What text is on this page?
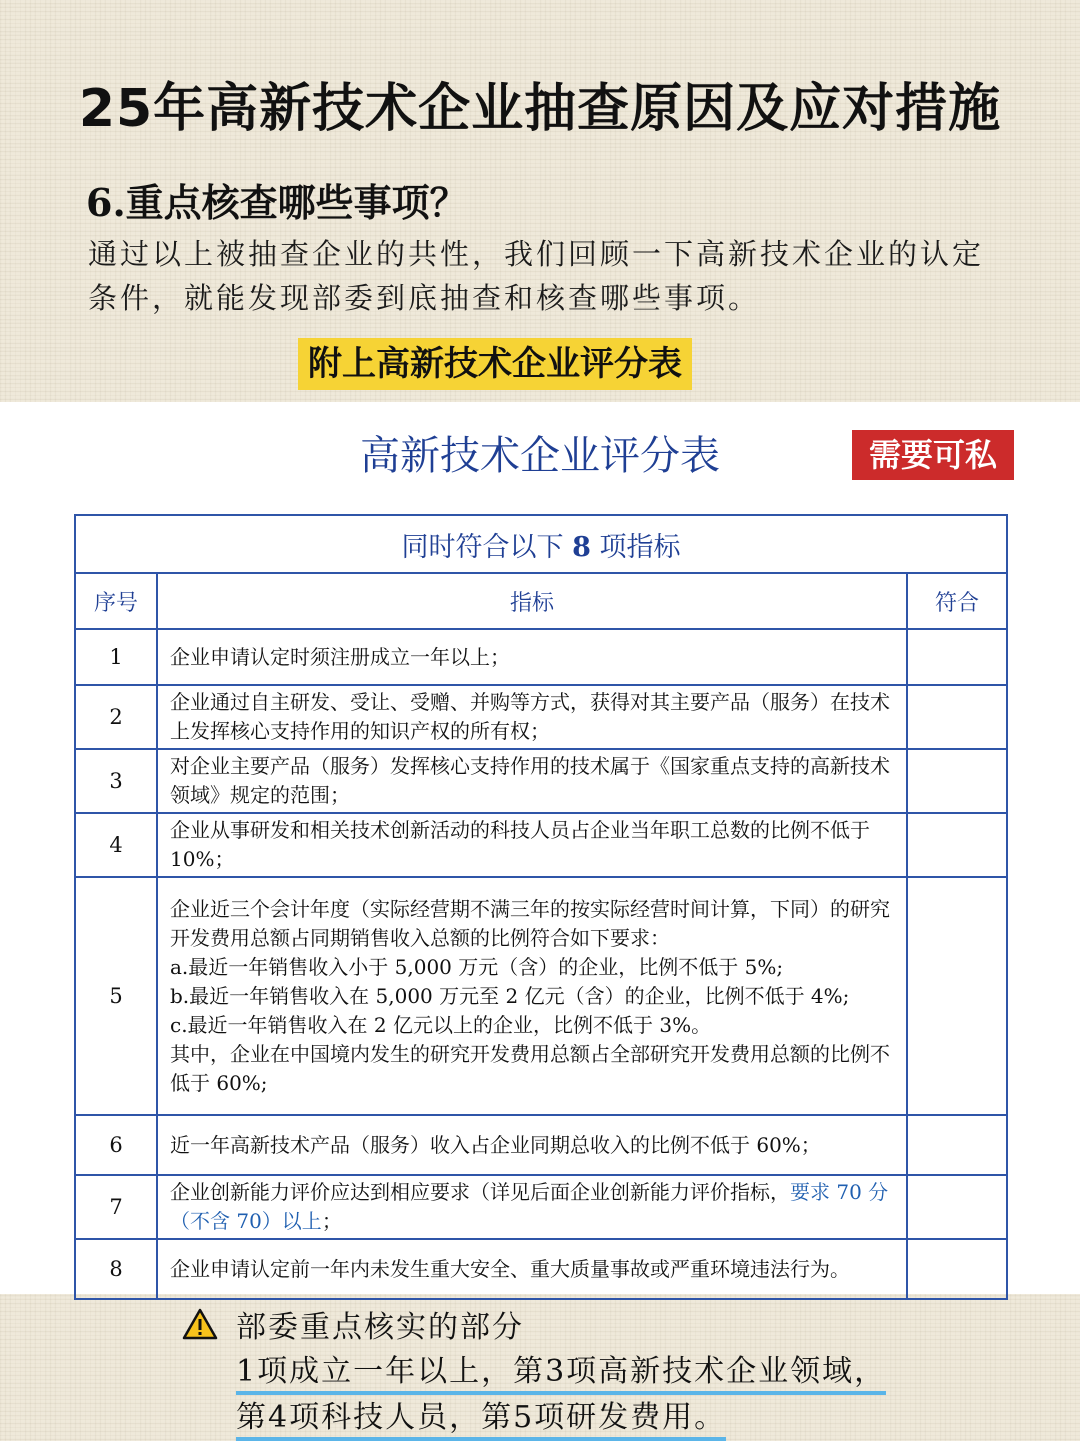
25年高新技术企业抽查原因及应对措施
6.重点核查哪些事项？
通过以上被抽查企业的共性，我们回顾一下高新技术企业的认定条件，就能发现部委到底抽查和核查哪些事项。
附上高新技术企业评分表
高新技术企业评分表	需要可私
同时符合以下 8 项指标		
序号	指标	符合
1	企业申请认定时须注册成立一年以上；	
2	企业通过自主研发、受让、受赠、并购等方式，获得对其主要产品（服务）在技术上发挥核心支持作用的知识产权的所有权；	
3	对企业主要产品（服务）发挥核心支持作用的技术属于《国家重点支持的高新技术领域》规定的范围；	
4	企业从事研发和相关技术创新活动的科技人员占企业当年职工总数的比例不低于 10%；	
5	企业近三个会计年度（实际经营期不满三年的按实际经营时间计算，下同）的研究开发费用总额占同期销售收入总额的比例符合如下要求：
a.最近一年销售收入小于 5,000 万元（含）的企业，比例不低于 5%;
b.最近一年销售收入在 5,000 万元至 2 亿元（含）的企业，比例不低于 4%;
c.最近一年销售收入在 2 亿元以上的企业，比例不低于 3%。
其中，企业在中国境内发生的研究开发费用总额占全部研究开发费用总额的比例不低于 60%;	

6	近一年高新技术产品（服务）收入占企业同期总收入的比例不低于 60%；	
7	企业创新能力评价应达到相应要求（详见后面企业创新能力评价指标，要求 70 分（不含 70）以上；	
8	企业申请认定前一年内未发生重大安全、重大质量事故或严重环境违法行为。	
部委重点核实的部分
1项成立一年以上，第3项高新技术企业领域，
第4项科技人员，第5项研发费用。
